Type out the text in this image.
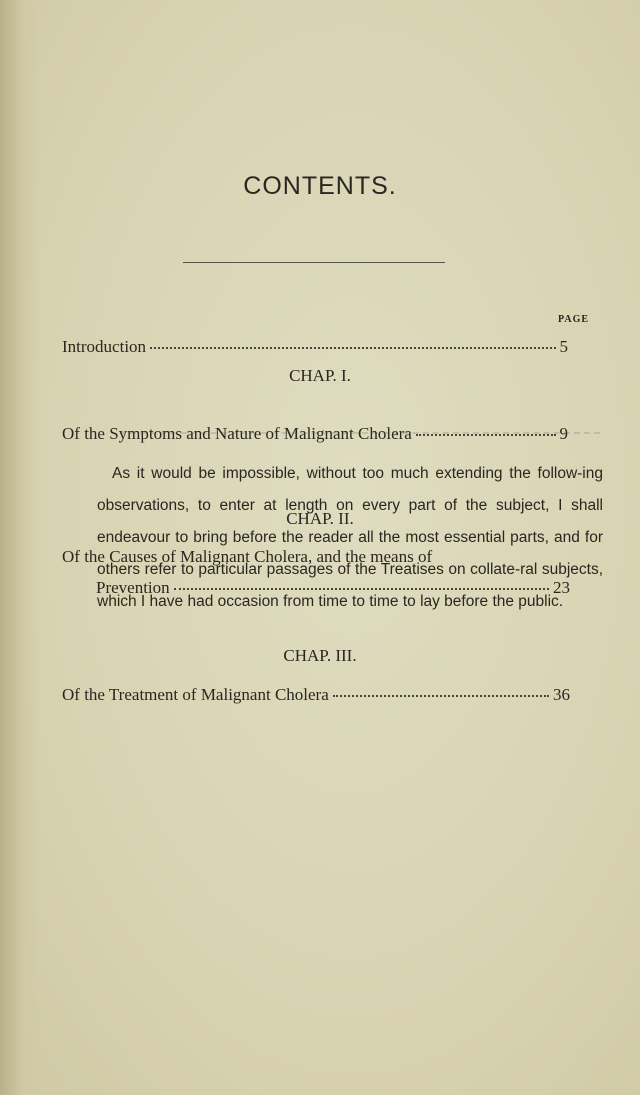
CONTENTS.
PAGE
Introduction	5
CHAP. I.
Of the Symptoms and Nature of Malignant Cholera	9
CHAP. II.
Of the Causes of Malignant Cholera, and the means of
Prevention	23
CHAP. III.
Of the Treatment of Malignant Cholera	36
As it would be impossible, without too much extending the follow-ing observations, to enter at length on every part of the subject, I shall endeavour to bring before the reader all the most essential parts, and for others refer to particular passages of the Treatises on collate-ral subjects, which I have had occasion from time to time to lay before the public.
